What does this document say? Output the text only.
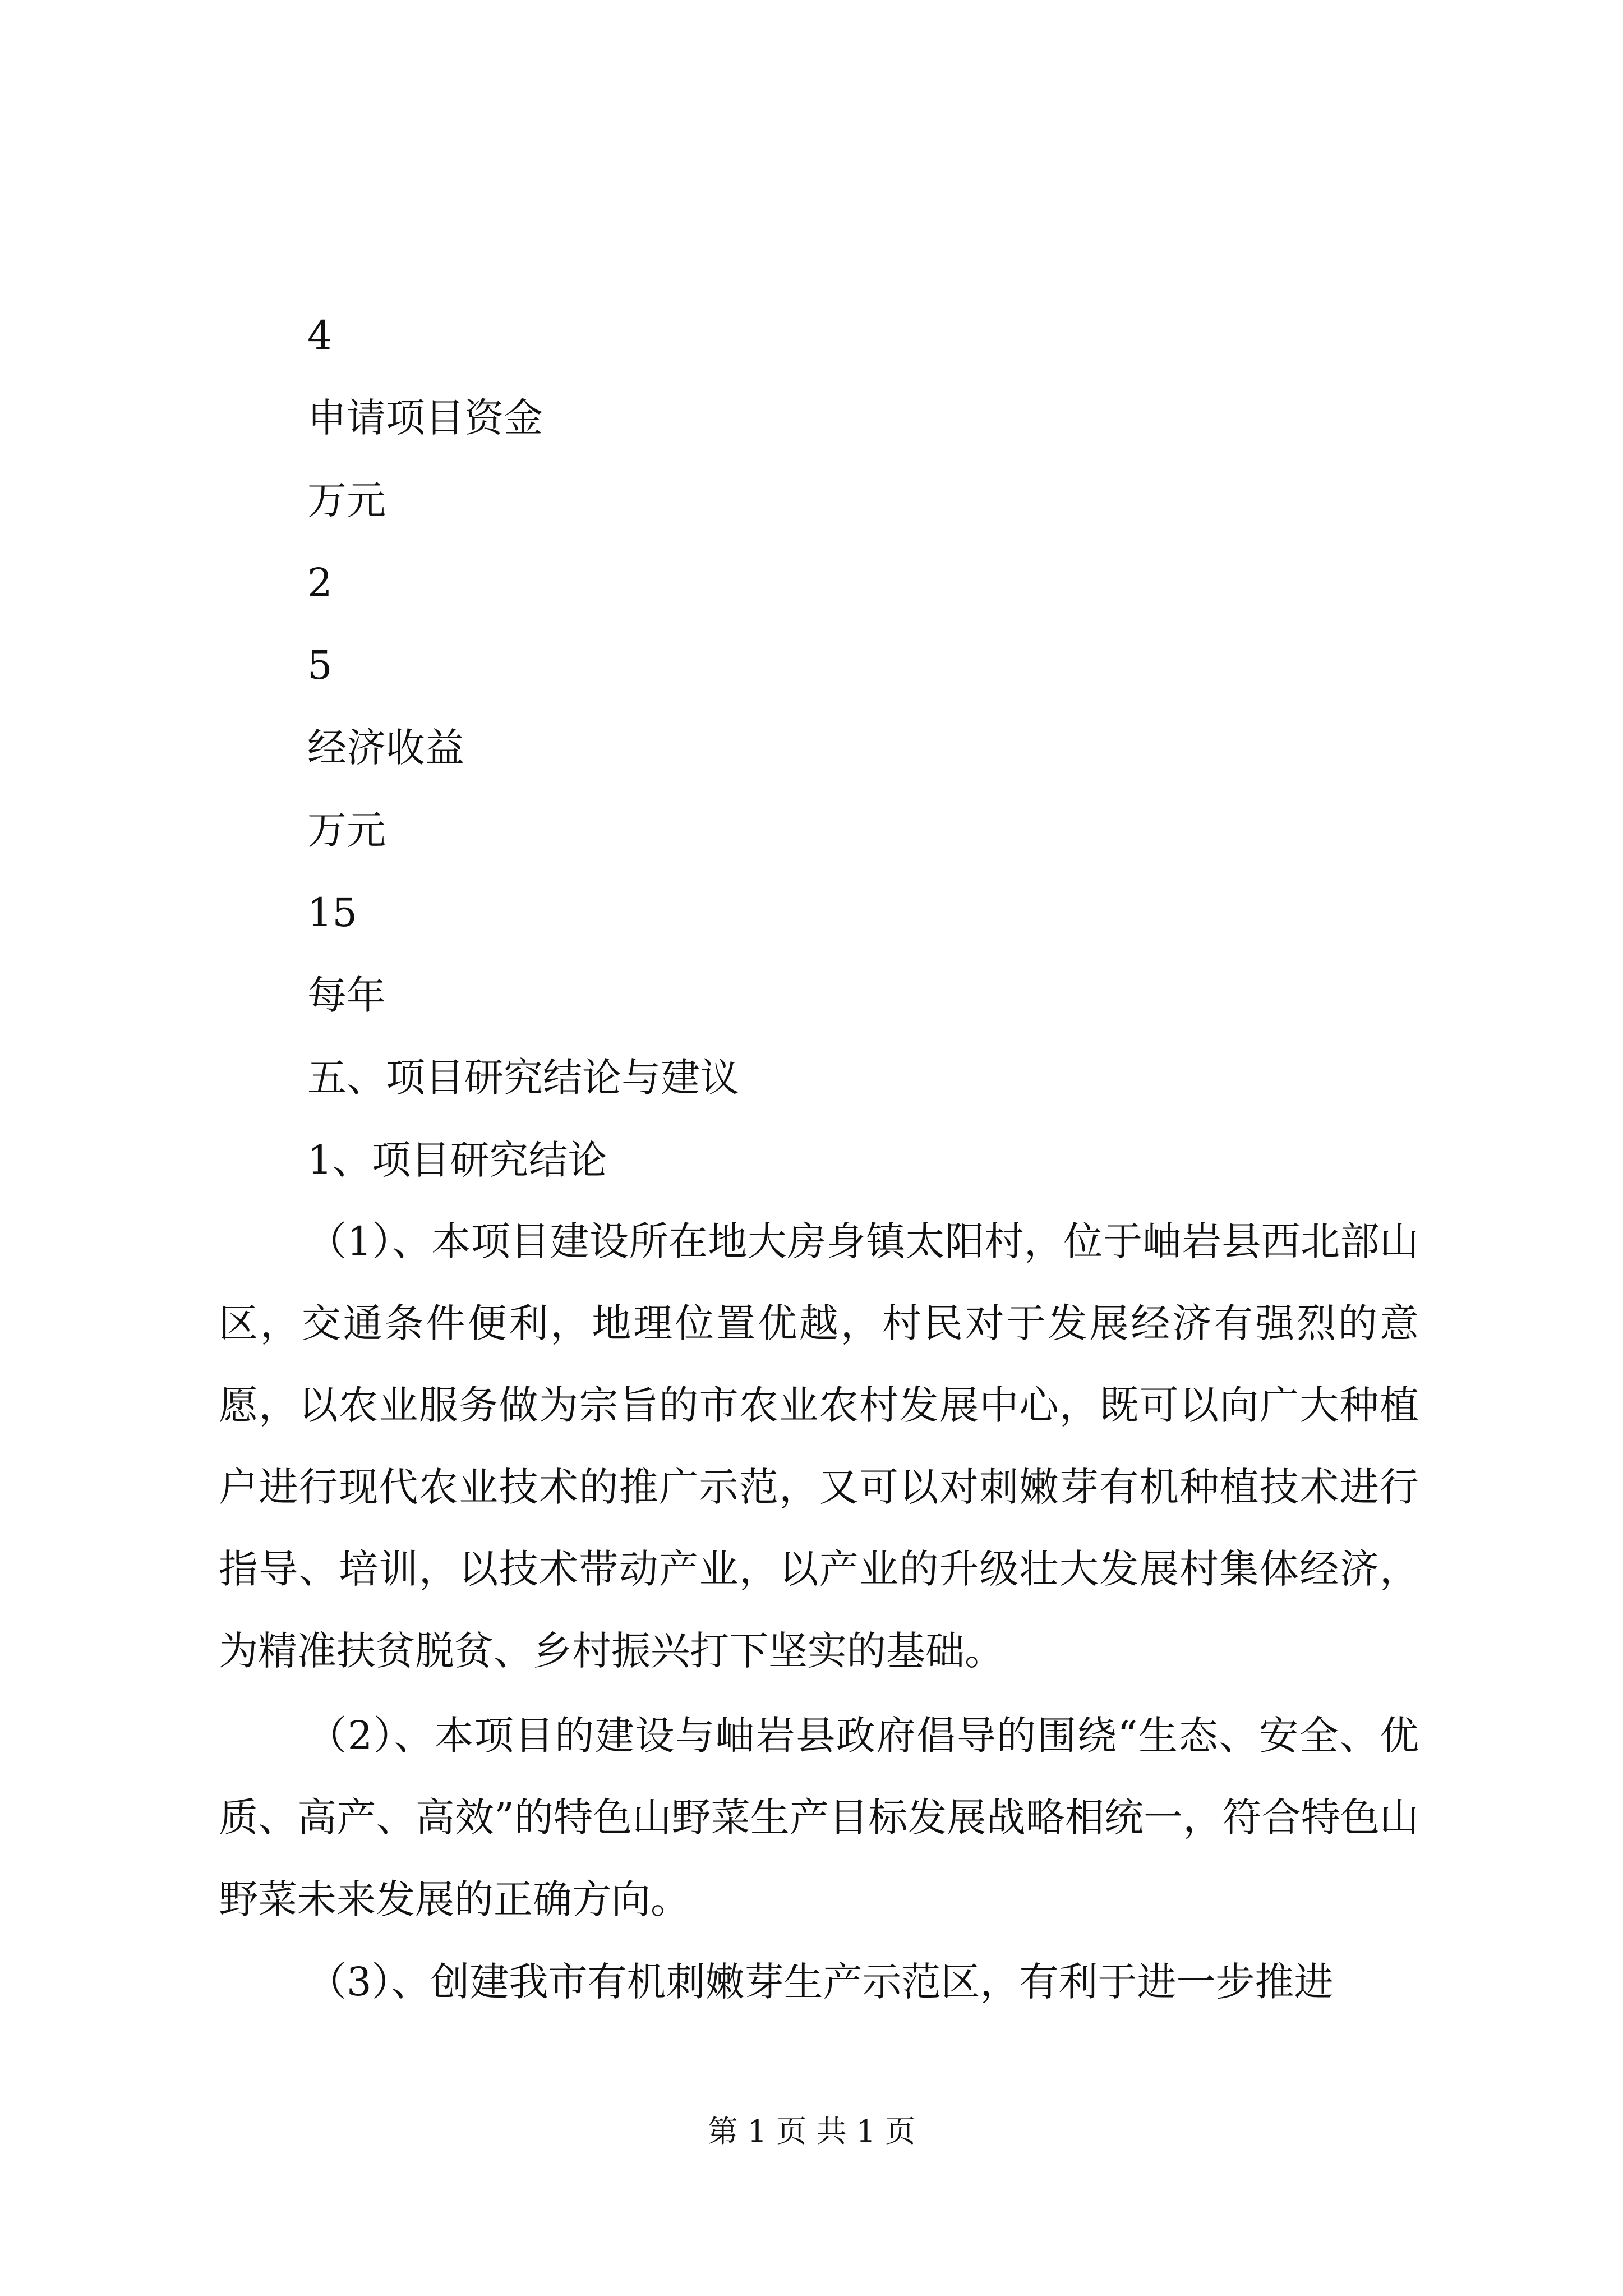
4

申请项目资金

万元

2

5

经济收益

万元

15

每年

五、项目研究结论与建议

1、项目研究结论

（1）、本项目建设所在地大房身镇太阳村，位于岫岩县西北部山区，交通条件便利，地理位置优越，村民对于发展经济有强烈的意愿，以农业服务做为宗旨的市农业农村发展中心，既可以向广大种植户进行现代农业技术的推广示范，又可以对刺嫩芽有机种植技术进行指导、培训，以技术带动产业，以产业的升级壮大发展村集体经济，为精准扶贫脱贫、乡村振兴打下坚实的基础。

（2）、本项目的建设与岫岩县政府倡导的围绕“生态、安全、优质、高产、高效”的特色山野菜生产目标发展战略相统一，符合特色山野菜未来发展的正确方向。

（3）、创建我市有机刺嫩芽生产示范区，有利于进一步推进

第 1 页 共 1 页
